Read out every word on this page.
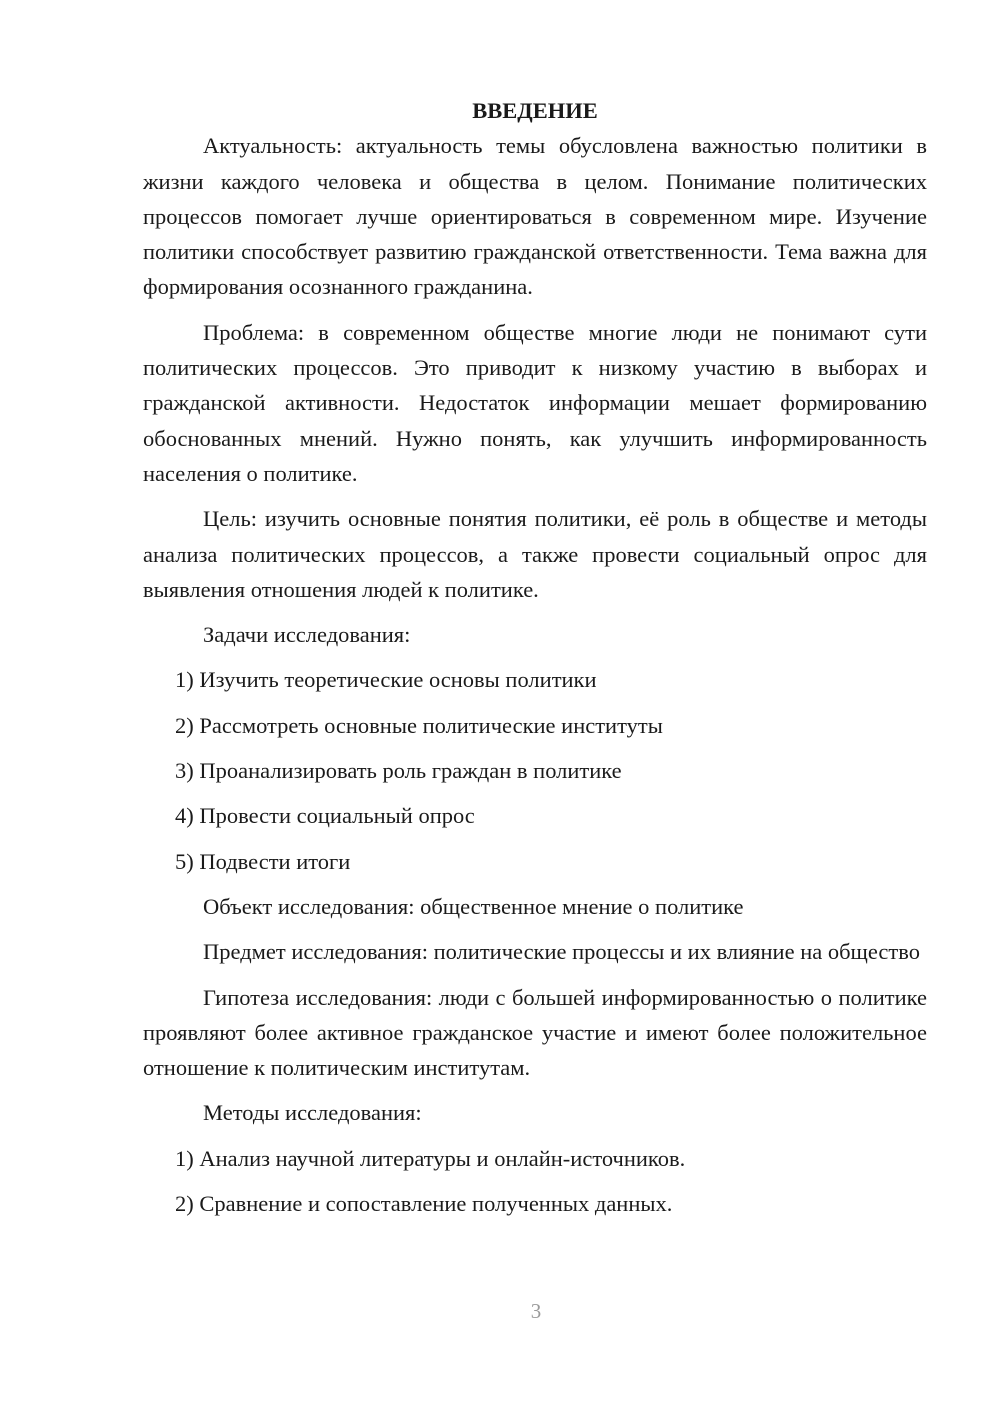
ВВЕДЕНИЕ

Актуальность: актуальность темы обусловлена важностью политики в жизни каждого человека и общества в целом. Понимание политических процессов помогает лучше ориентироваться в современном мире. Изучение политики способствует развитию гражданской ответственности. Тема важна для формирования осознанного гражданина.

Проблема: в современном обществе многие люди не понимают сути политических процессов. Это приводит к низкому участию в выборах и гражданской активности. Недостаток информации мешает формированию обоснованных мнений. Нужно понять, как улучшить информированность населения о политике.

Цель: изучить основные понятия политики, её роль в обществе и методы анализа политических процессов, а также провести социальный опрос для выявления отношения людей к политике.

Задачи исследования:

1) Изучить теоретические основы политики

2) Рассмотреть основные политические институты

3) Проанализировать роль граждан в политике

4) Провести социальный опрос

5) Подвести итоги

Объект исследования: общественное мнение о политике

Предмет исследования: политические процессы и их влияние на общество

Гипотеза исследования: люди с большей информированностью о политике проявляют более активное гражданское участие и имеют более положительное отношение к политическим институтам.

Методы исследования:

1) Анализ научной литературы и онлайн-источников.

2) Сравнение и сопоставление полученных данных.

3
